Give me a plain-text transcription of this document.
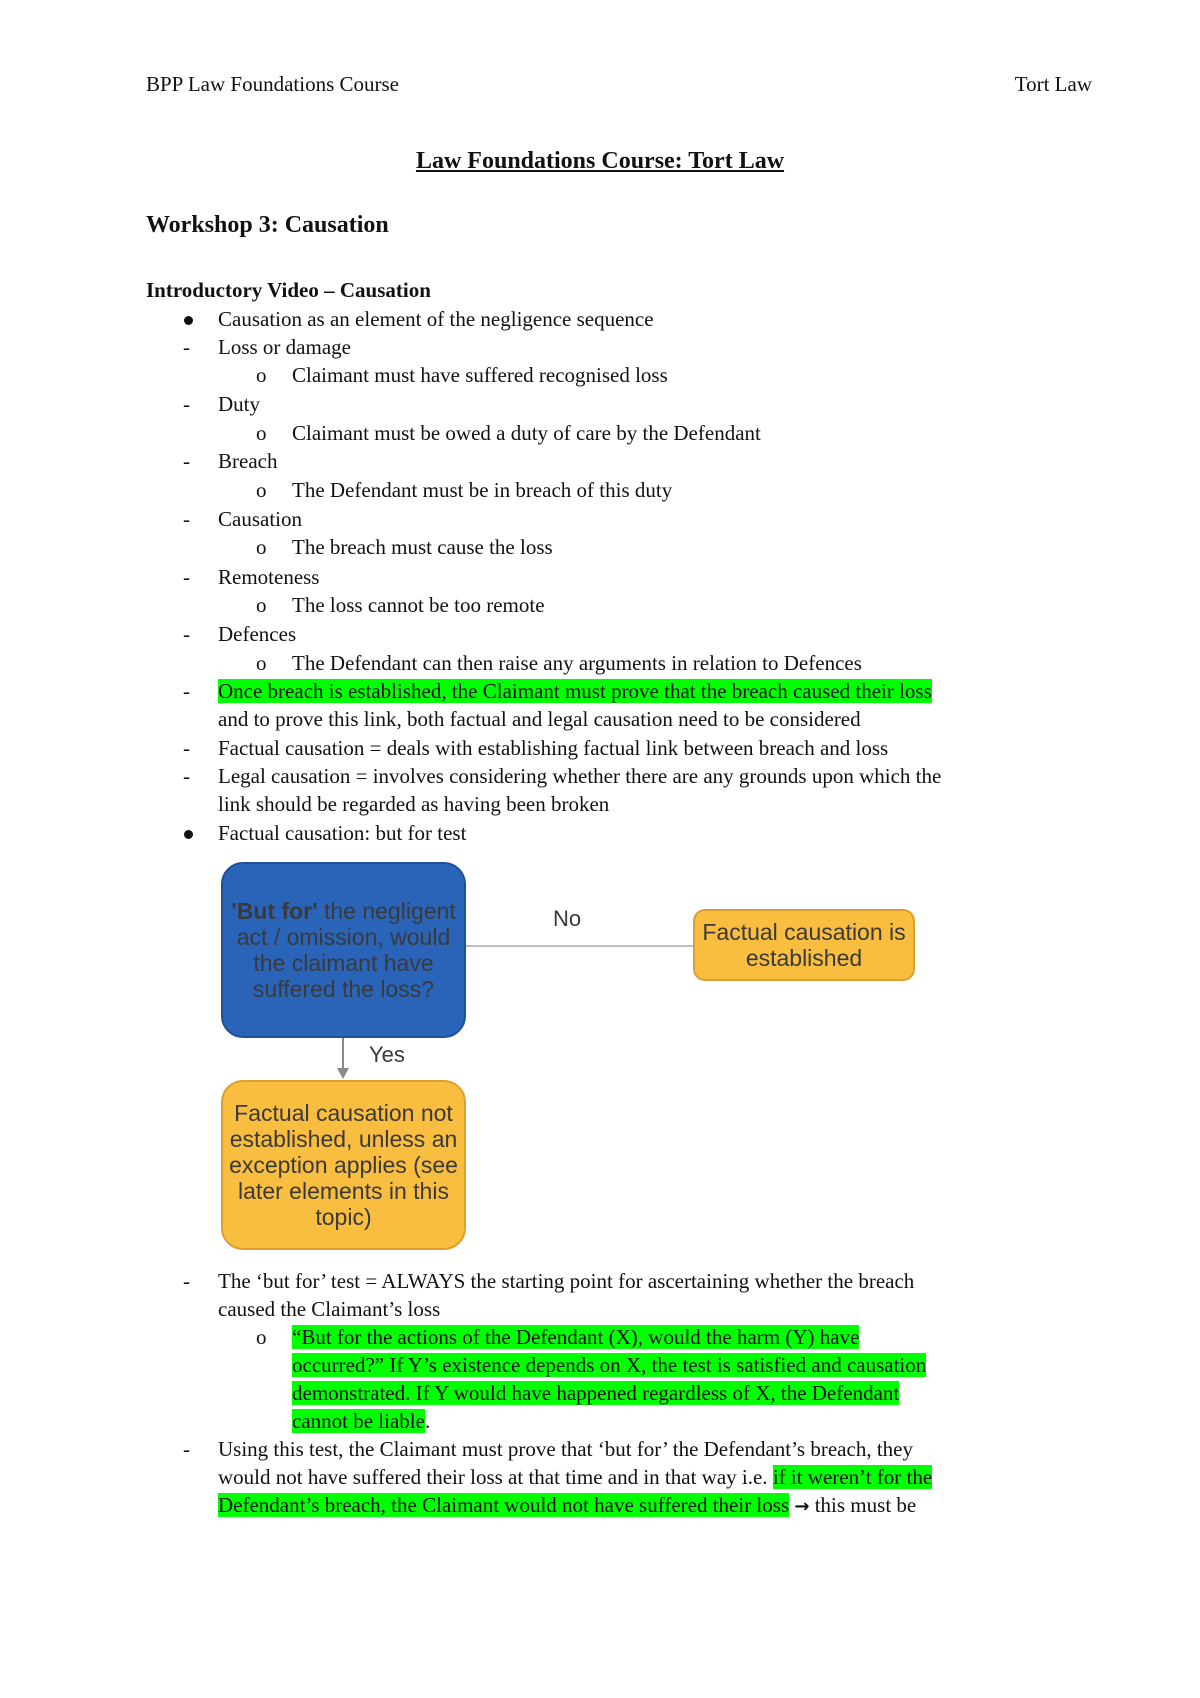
BPP Law Foundations Course	Tort Law
Law Foundations Course: Tort Law
Workshop 3: Causation
Introductory Video – Causation
Causation as an element of the negligence sequence
- Loss or damage
o Claimant must have suffered recognised loss
- Duty
o Claimant must be owed a duty of care by the Defendant
- Breach
o The Defendant must be in breach of this duty
- Causation
o The breach must cause the loss
- Remoteness
o The loss cannot be too remote
- Defences
o The Defendant can then raise any arguments in relation to Defences
- Once breach is established, the Claimant must prove that the breach caused their loss
and to prove this link, both factual and legal causation need to be considered
- Factual causation = deals with establishing factual link between breach and loss
- Legal causation = involves considering whether there are any grounds upon which the
link should be regarded as having been broken
Factual causation: but for test
'But for' the negligent act / omission, would the claimant have suffered the loss?
No
Factual causation is established
Yes
Factual causation not established, unless an exception applies (see later elements in this topic)
- The ‘but for’ test = ALWAYS the starting point for ascertaining whether the breach
caused the Claimant’s loss
o “But for the actions of the Defendant (X), would the harm (Y) have
occurred?” If Y’s existence depends on X, the test is satisfied and causation
demonstrated. If Y would have happened regardless of X, the Defendant
cannot be liable.
- Using this test, the Claimant must prove that ‘but for’ the Defendant’s breach, they
would not have suffered their loss at that time and in that way i.e. if it weren’t for the
Defendant’s breach, the Claimant would not have suffered their loss → this must be
